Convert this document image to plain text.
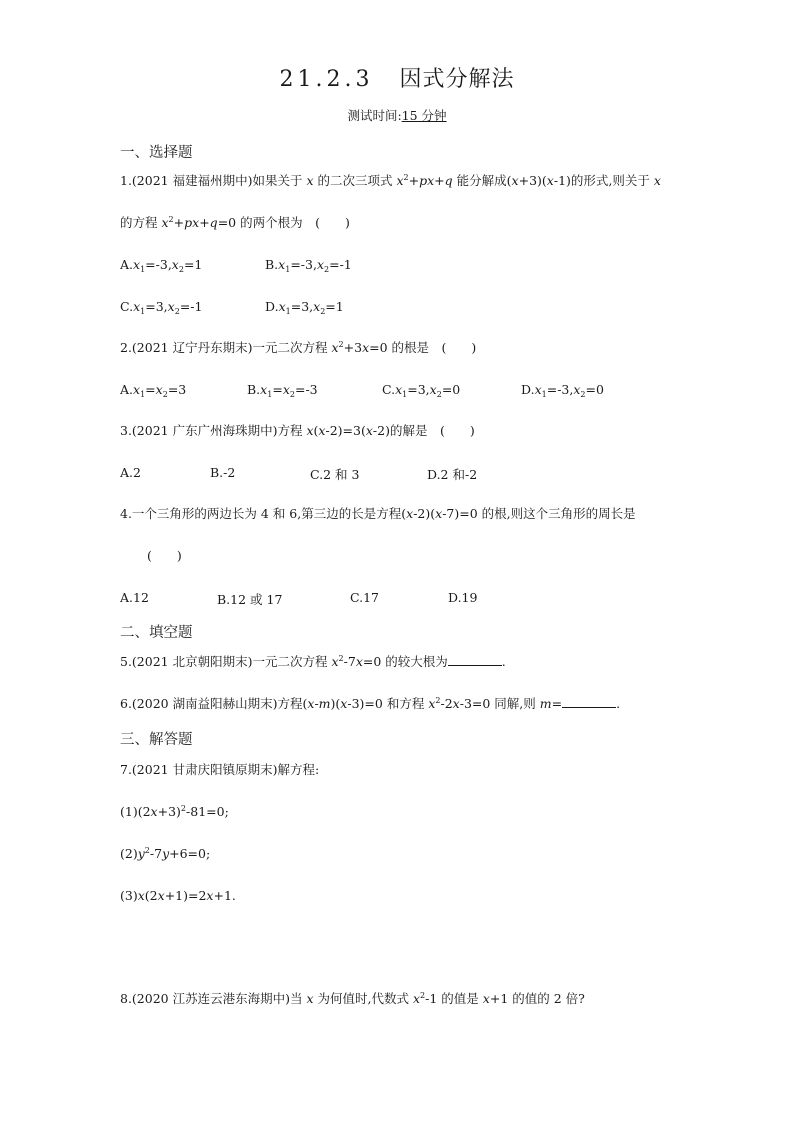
21.2.3 因式分解法
测试时间:15 分钟
一、选择题
1.(2021 福建福州期中)如果关于 x 的二次三项式 $x^2+px+q$ 能分解成(x+3)(x-1)的形式,则关于 x
的方程 $x^2+px+q=0$ 的两个根为　(　　)
$A.x_1=-3,x_2=1$	$B.x_1=-3,x_2=-1$
$C.x_1=3,x_2=-1$	$D.x_1=3,x_2=1$
2.(2021 辽宁丹东期末)一元二次方程 $x^2+3x=0$ 的根是　(　　)
$A.x_1=x_2=3$	$B.x_1=x_2=-3$	$C.x_1=3,x_2=0$	$D.x_1=-3,x_2=0$
3.(2021 广东广州海珠期中)方程 x(x-2)=3(x-2)的解是　(　　)
A.2	B.-2	C.2 和 3	D.2 和-2
4.一个三角形的两边长为 4 和 6,第三边的长是方程(x-2)(x-7)=0 的根,则这个三角形的周长是
(　　)
A.12	B.12 或 17	C.17	D.19
二、填空题
5.(2021 北京朝阳期末)一元二次方程 $x^2-7x=0$ 的较大根为	.
6.(2020 湖南益阳赫山期末)方程(x-m)(x-3)=0 和方程 $x^2-2x-3=0$ 同解,则 m=	.
三、解答题
7.(2021 甘肃庆阳镇原期末)解方程:
$(1)(2x+3)^2-81=0$;
$(2)y^2-7y+6=0$;
(3)x(2x+1)=2x+1.
8.(2020 江苏连云港东海期中)当 x 为何值时,代数式 $x^2-1$ 的值是 x+1 的值的 2 倍?
